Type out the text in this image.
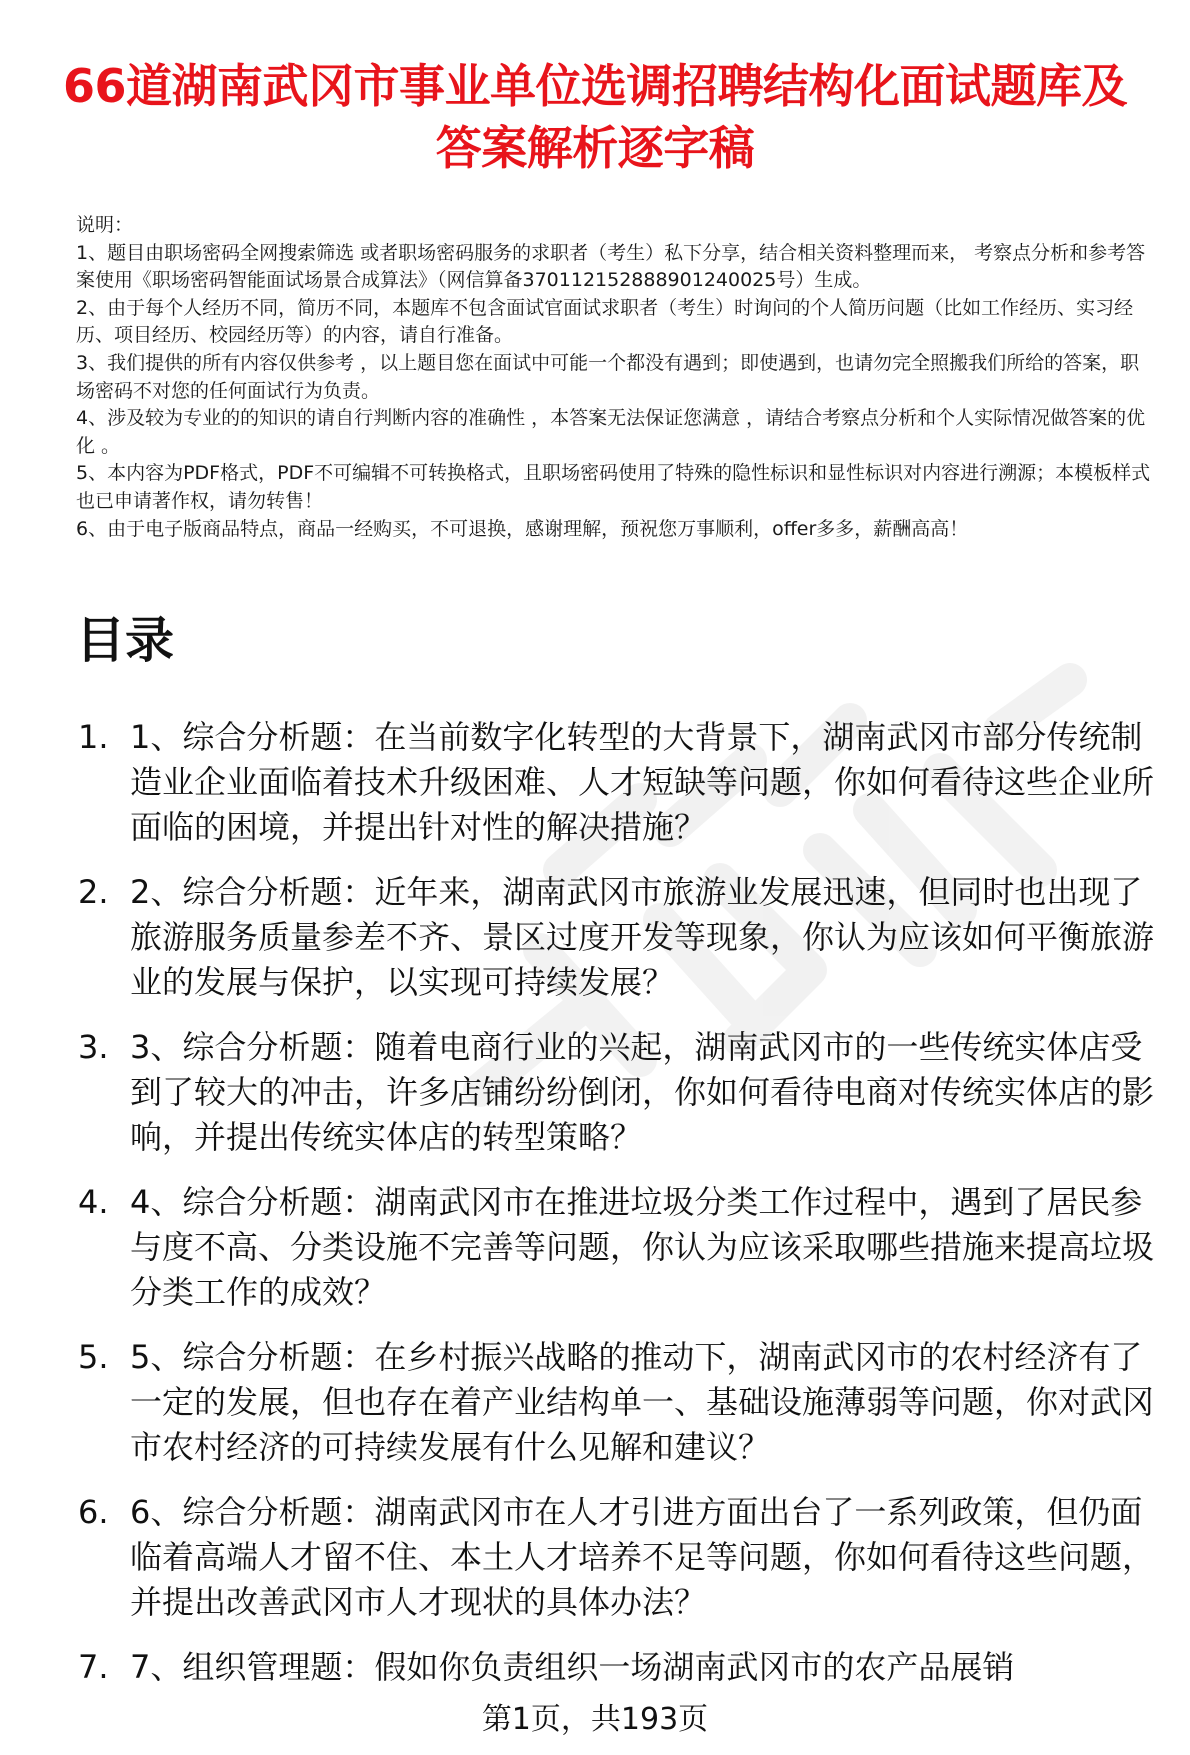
66道湖南武冈市事业单位选调招聘结构化面试题库及答案解析逐字稿
说明：
1、题目由职场密码全网搜索筛选 或者职场密码服务的求职者（考生）私下分享，结合相关资料整理而来， 考察点分析和参考答案使用《职场密码智能面试场景合成算法》（网信算备370112152888901240025号）生成。
2、由于每个人经历不同，简历不同，本题库不包含面试官面试求职者（考生）时询问的个人简历问题（比如工作经历、实习经历、项目经历、校园经历等）的内容，请自行准备。
3、我们提供的所有内容仅供参考 ，以上题目您在面试中可能一个都没有遇到；即使遇到，也请勿完全照搬我们所给的答案，职场密码不对您的任何面试行为负责。
4、涉及较为专业的的知识的请自行判断内容的准确性 ，本答案无法保证您满意 ，请结合考察点分析和个人实际情况做答案的优化 。
5、本内容为PDF格式，PDF不可编辑不可转换格式，且职场密码使用了特殊的隐性标识和显性标识对内容进行溯源；本模板样式也已申请著作权，请勿转售！
6、由于电子版商品特点，商品一经购买，不可退换，感谢理解，预祝您万事顺利，offer多多，薪酬高高！
目录
1. 1、综合分析题：在当前数字化转型的大背景下，湖南武冈市部分传统制造业企业面临着技术升级困难、人才短缺等问题，你如何看待这些企业所面临的困境，并提出针对性的解决措施？
2. 2、综合分析题：近年来，湖南武冈市旅游业发展迅速，但同时也出现了旅游服务质量参差不齐、景区过度开发等现象，你认为应该如何平衡旅游业的发展与保护，以实现可持续发展？
3. 3、综合分析题：随着电商行业的兴起，湖南武冈市的一些传统实体店受到了较大的冲击，许多店铺纷纷倒闭，你如何看待电商对传统实体店的影响，并提出传统实体店的转型策略？
4. 4、综合分析题：湖南武冈市在推进垃圾分类工作过程中，遇到了居民参与度不高、分类设施不完善等问题，你认为应该采取哪些措施来提高垃圾分类工作的成效？
5. 5、综合分析题：在乡村振兴战略的推动下，湖南武冈市的农村经济有了一定的发展，但也存在着产业结构单一、基础设施薄弱等问题，你对武冈市农村经济的可持续发展有什么见解和建议？
6. 6、综合分析题：湖南武冈市在人才引进方面出台了一系列政策，但仍面临着高端人才留不住、本土人才培养不足等问题，你如何看待这些问题，并提出改善武冈市人才现状的具体办法？
7. 7、组织管理题：假如你负责组织一场湖南武冈市的农产品展销
第1页，共193页
